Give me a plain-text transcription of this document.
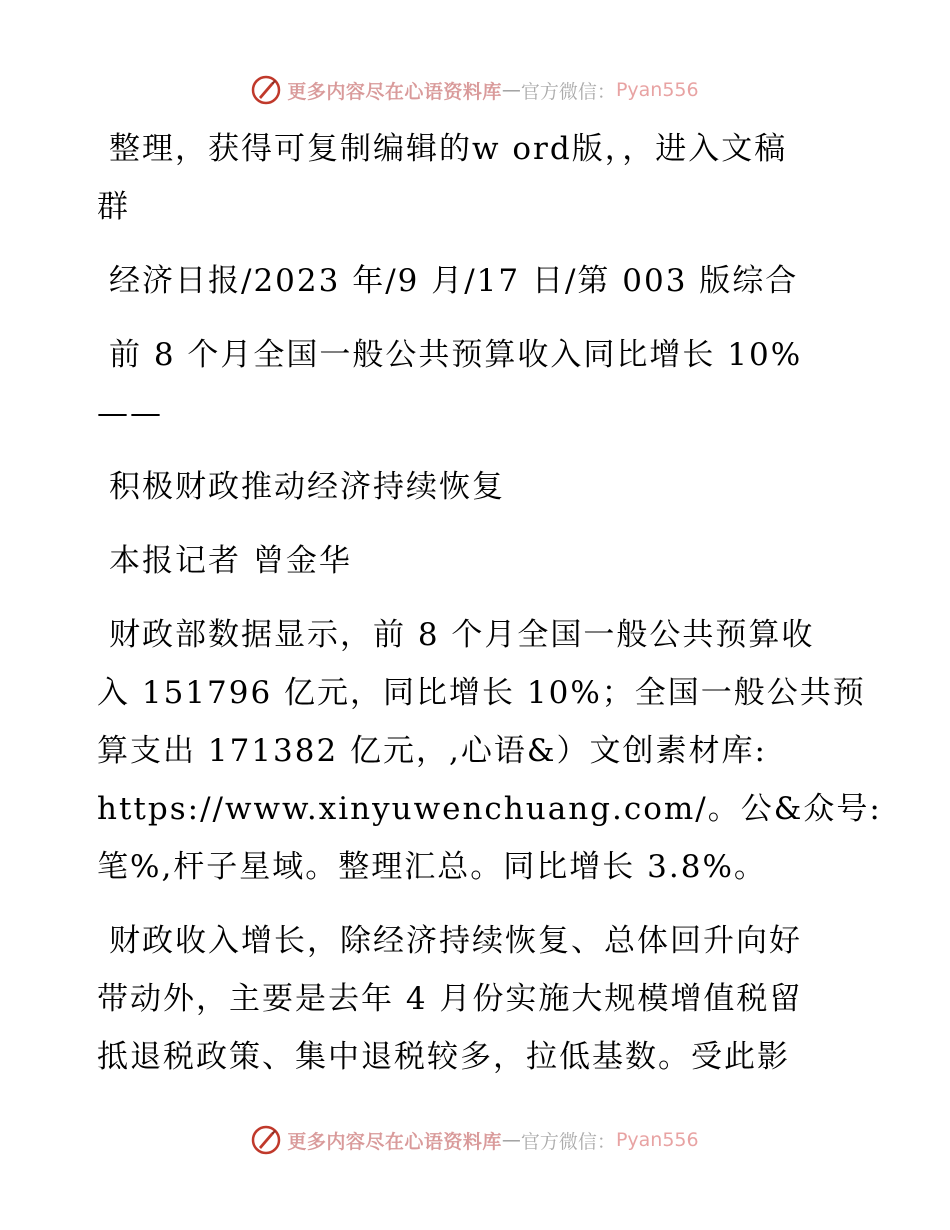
更多内容尽在心语资料库 — 官方微信： Pyan556
整理，获得可复制编辑的w ord版，，进入文稿
群
经济日报/2023 年/9 月/17 日/第 003 版综合
前 8 个月全国一般公共预算收入同比增长 10%
——
积极财政推动经济持续恢复
本报记者 曾金华
财政部数据显示，前 8 个月全国一般公共预算收
入 151796 亿元，同比增长 10%；全国一般公共预
算支出 171382 亿元，,心语&）文创素材库:
https://www.xinyuwenchuang.com/。公&众号:
笔%,杆子星域。整理汇总。同比增长 3.8%。
财政收入增长，除经济持续恢复、总体回升向好
带动外，主要是去年 4 月份实施大规模增值税留
抵退税政策、集中退税较多，拉低基数。受此影
更多内容尽在心语资料库 — 官方微信： Pyan556
